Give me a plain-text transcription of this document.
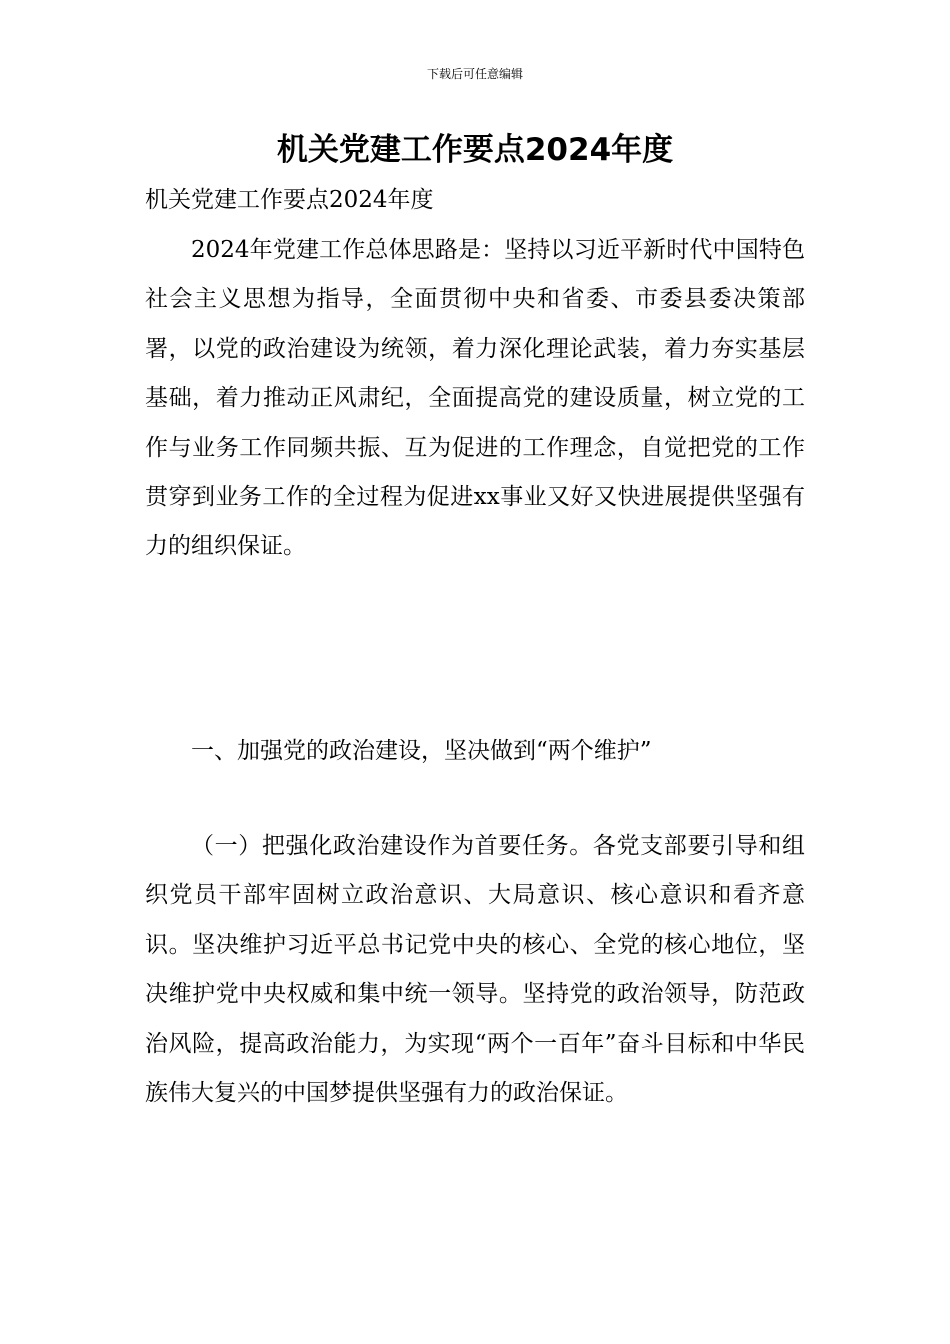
下载后可任意编辑
机关党建工作要点2024年度

机关党建工作要点2024年度

2024年党建工作总体思路是：坚持以习近平新时代中国特色社会主义思想为指导，全面贯彻中央和省委、市委县委决策部署，以党的政治建设为统领，着力深化理论武装，着力夯实基层基础，着力推动正风肃纪，全面提高党的建设质量，树立党的工作与业务工作同频共振、互为促进的工作理念，自觉把党的工作贯穿到业务工作的全过程为促进xx事业又好又快进展提供坚强有力的组织保证。

一、加强党的政治建设，坚决做到“两个维护”

（一）把强化政治建设作为首要任务。各党支部要引导和组织党员干部牢固树立政治意识、大局意识、核心意识和看齐意识。坚决维护习近平总书记党中央的核心、全党的核心地位，坚决维护党中央权威和集中统一领导。坚持党的政治领导，防范政治风险，提高政治能力，为实现“两个一百年”奋斗目标和中华民族伟大复兴的中国梦提供坚强有力的政治保证。
